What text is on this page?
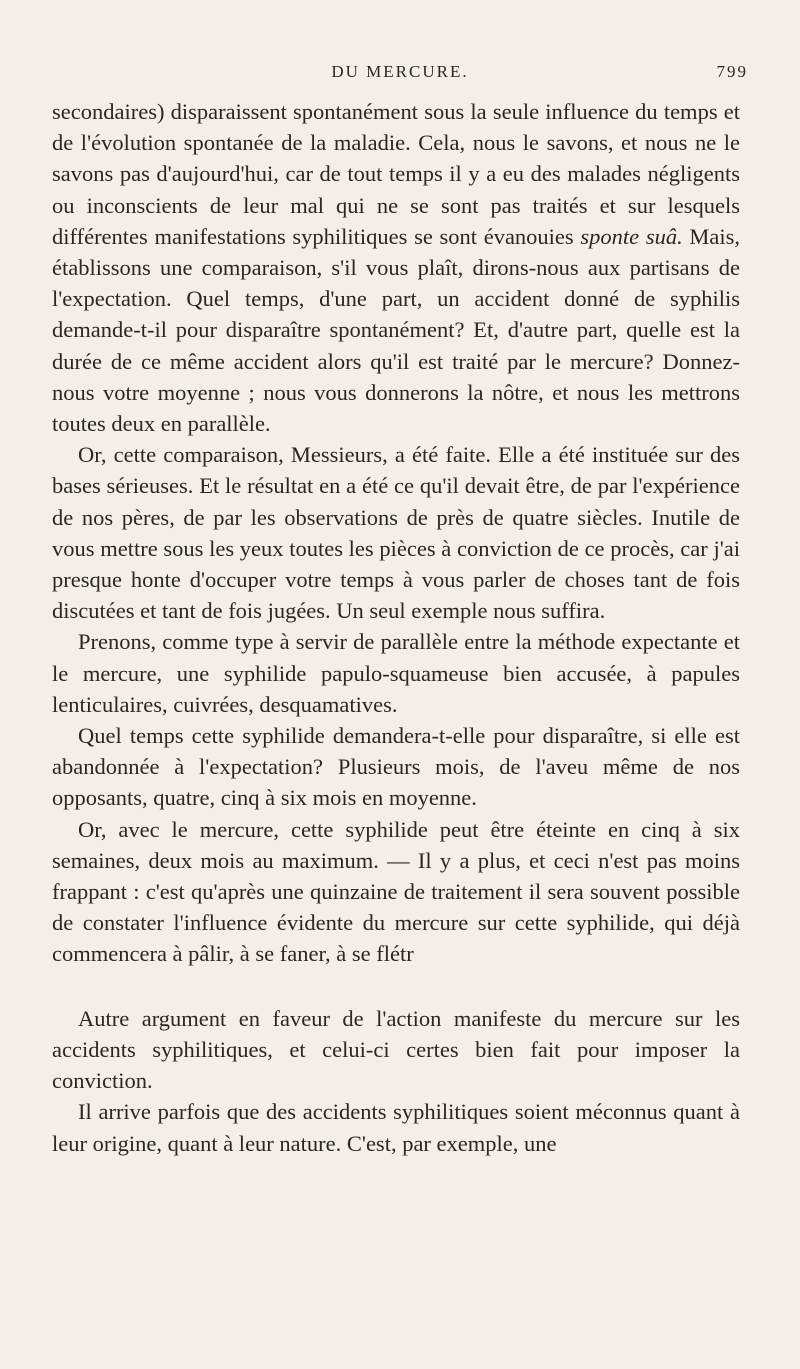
DU MERCURE.	799

secondaires) disparaissent spontanément sous la seule influence du temps et de l'évolution spontanée de la maladie. Cela, nous le savons, et nous ne le savons pas d'aujourd'hui, car de tout temps il y a eu des malades négligents ou inconscients de leur mal qui ne se sont pas traités et sur lesquels différentes manifestations syphilitiques se sont évanouies sponte suâ. Mais, établissons une comparaison, s'il vous plaît, dirons-nous aux partisans de l'expectation. Quel temps, d'une part, un accident donné de syphilis demande-t-il pour disparaître spontanément? Et, d'autre part, quelle est la durée de ce même accident alors qu'il est traité par le mercure? Donnez-nous votre moyenne ; nous vous donnerons la nôtre, et nous les mettrons toutes deux en parallèle.

Or, cette comparaison, Messieurs, a été faite. Elle a été instituée sur des bases sérieuses. Et le résultat en a été ce qu'il devait être, de par l'expérience de nos pères, de par les observations de près de quatre siècles. Inutile de vous mettre sous les yeux toutes les pièces à conviction de ce procès, car j'ai presque honte d'occuper votre temps à vous parler de choses tant de fois discutées et tant de fois jugées. Un seul exemple nous suffira.

Prenons, comme type à servir de parallèle entre la méthode expectante et le mercure, une syphilide papulo-squameuse bien accusée, à papules lenticulaires, cuivrées, desquamatives.

Quel temps cette syphilide demandera-t-elle pour disparaître, si elle est abandonnée à l'expectation? Plusieurs mois, de l'aveu même de nos opposants, quatre, cinq à six mois en moyenne.

Or, avec le mercure, cette syphilide peut être éteinte en cinq à six semaines, deux mois au maximum. — Il y a plus, et ceci n'est pas moins frappant : c'est qu'après une quinzaine de traitement il sera souvent possible de constater l'influence évidente du mercure sur cette syphilide, qui déjà commencera à pâlir, à se faner, à se flétr

Autre argument en faveur de l'action manifeste du mercure sur les accidents syphilitiques, et celui-ci certes bien fait pour imposer la conviction.

Il arrive parfois que des accidents syphilitiques soient méconnus quant à leur origine, quant à leur nature. C'est, par exemple, une
